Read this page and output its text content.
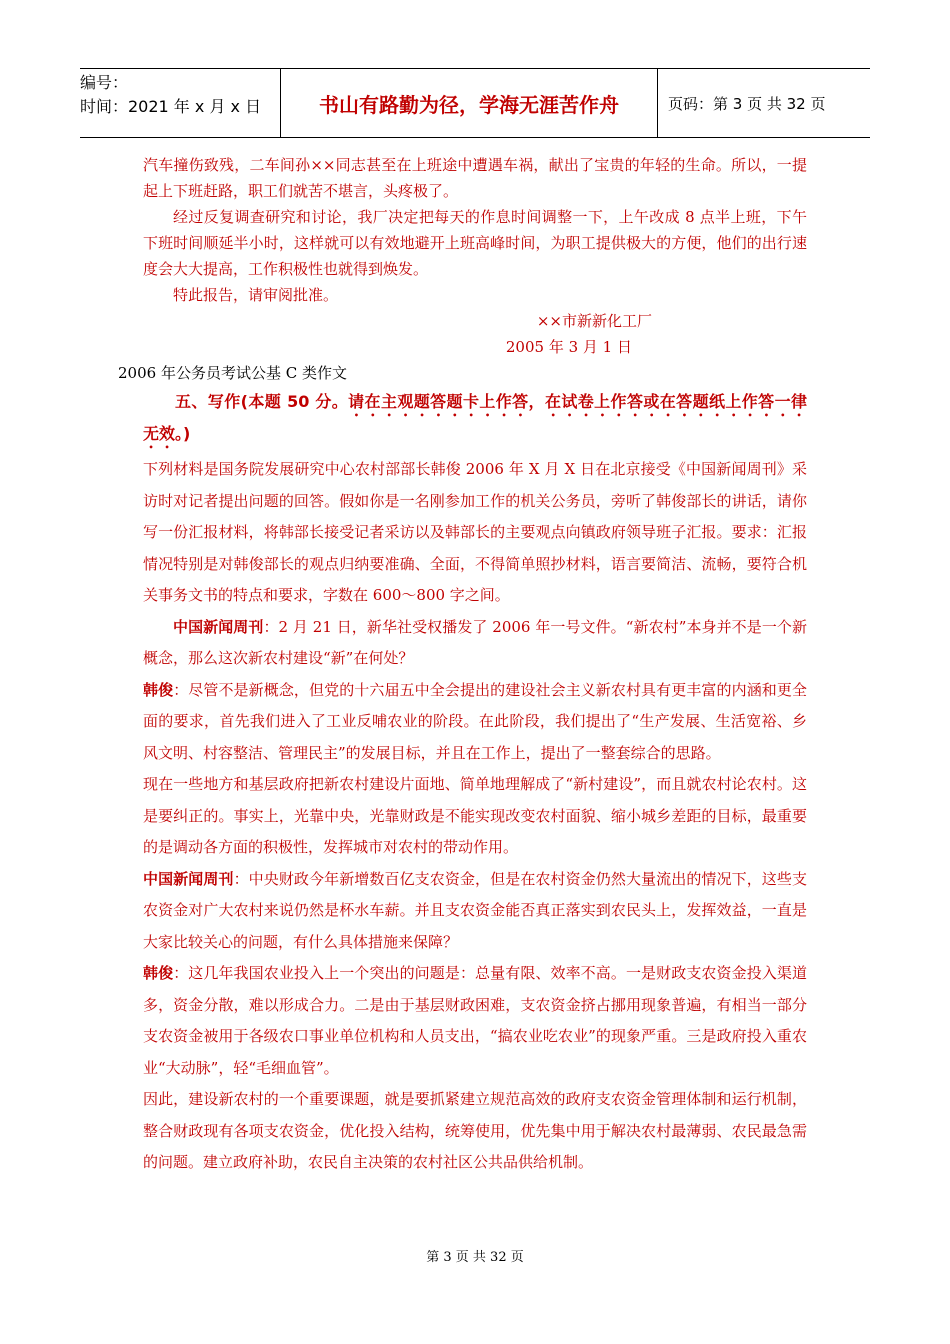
编号：
时间：2021 年 x 月 x 日	书山有路勤为径，学海无涯苦作舟	页码：第 3 页 共 32 页

汽车撞伤致残，二车间孙××同志甚至在上班途中遭遇车祸，献出了宝贵的年轻的生命。所以，一提起上下班赶路，职工们就苦不堪言，头疼极了。

经过反复调查研究和讨论，我厂决定把每天的作息时间调整一下，上午改成 8 点半上班，下午下班时间顺延半小时，这样就可以有效地避开上班高峰时间，为职工提供极大的方便，他们的出行速度会大大提高，工作积极性也就得到焕发。

特此报告，请审阅批准。

××市新新化工厂

2005 年 3 月 1 日

2006 年公务员考试公基 C 类作文

五、写作(本题 50 分。请在主观题答题卡上作答，在试卷上作答或在答题纸上作答一律无效。)

下列材料是国务院发展研究中心农村部部长韩俊 2006 年 X 月 X 日在北京接受《中国新闻周刊》采访时对记者提出问题的回答。假如你是一名刚参加工作的机关公务员，旁听了韩俊部长的讲话，请你写一份汇报材料，将韩部长接受记者采访以及韩部长的主要观点向镇政府领导班子汇报。要求：汇报情况特别是对韩俊部长的观点归纳要准确、全面，不得简单照抄材料，语言要简洁、流畅，要符合机关事务文书的特点和要求，字数在 600～800 字之间。

中国新闻周刊：2 月 21 日，新华社受权播发了 2006 年一号文件。“新农村”本身并不是一个新概念，那么这次新农村建设“新”在何处？

韩俊：尽管不是新概念，但党的十六届五中全会提出的建设社会主义新农村具有更丰富的内涵和更全面的要求，首先我们进入了工业反哺农业的阶段。在此阶段，我们提出了“生产发展、生活宽裕、乡风文明、村容整洁、管理民主”的发展目标，并且在工作上，提出了一整套综合的思路。

现在一些地方和基层政府把新农村建设片面地、简单地理解成了“新村建设”，而且就农村论农村。这是要纠正的。事实上，光靠中央，光靠财政是不能实现改变农村面貌、缩小城乡差距的目标，最重要的是调动各方面的积极性，发挥城市对农村的带动作用。

中国新闻周刊：中央财政今年新增数百亿支农资金，但是在农村资金仍然大量流出的情况下，这些支农资金对广大农村来说仍然是杯水车薪。并且支农资金能否真正落实到农民头上，发挥效益，一直是大家比较关心的问题，有什么具体措施来保障？

韩俊：这几年我国农业投入上一个突出的问题是：总量有限、效率不高。一是财政支农资金投入渠道多，资金分散，难以形成合力。二是由于基层财政困难，支农资金挤占挪用现象普遍，有相当一部分支农资金被用于各级农口事业单位机构和人员支出，“搞农业吃农业”的现象严重。三是政府投入重农业“大动脉”，轻“毛细血管”。

因此，建设新农村的一个重要课题，就是要抓紧建立规范高效的政府支农资金管理体制和运行机制，整合财政现有各项支农资金，优化投入结构，统筹使用，优先集中用于解决农村最薄弱、农民最急需的问题。建立政府补助，农民自主决策的农村社区公共品供给机制。

第 3 页 共 32 页
